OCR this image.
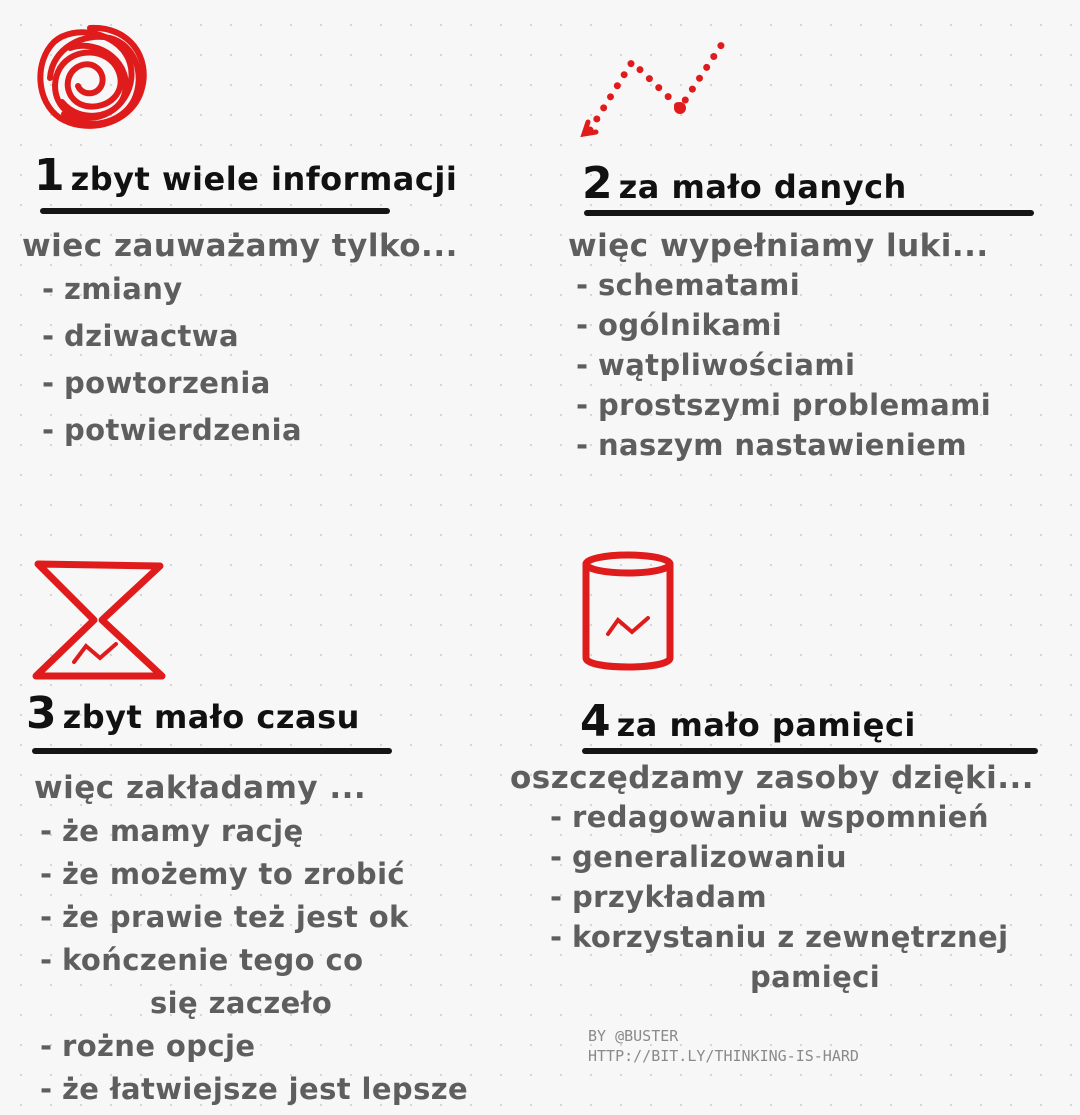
1 zbyt wiele informacji
wiec zauważamy tylko...
- zmiany
- dziwactwa
- powtorzenia
- potwierdzenia
2 za mało danych
więc wypełniamy luki...
- schematami
- ogólnikami
- wątpliwościami
- prostszymi problemami
- naszym nastawieniem
3 zbyt mało czasu
więc zakładamy ...
- że mamy rację
- że możemy to zrobić
- że prawie też jest ok
- kończenie tego co
się zaczeło
- rożne opcje
- że łatwiejsze jest lepsze
4 za mało pamięci
oszczędzamy zasoby dzięki...
- redagowaniu wspomnień
- generalizowaniu
- przykładam
- korzystaniu z zewnętrznej
pamięci
BY @BUSTER
HTTP://BIT.LY/THINKING-IS-HARD
